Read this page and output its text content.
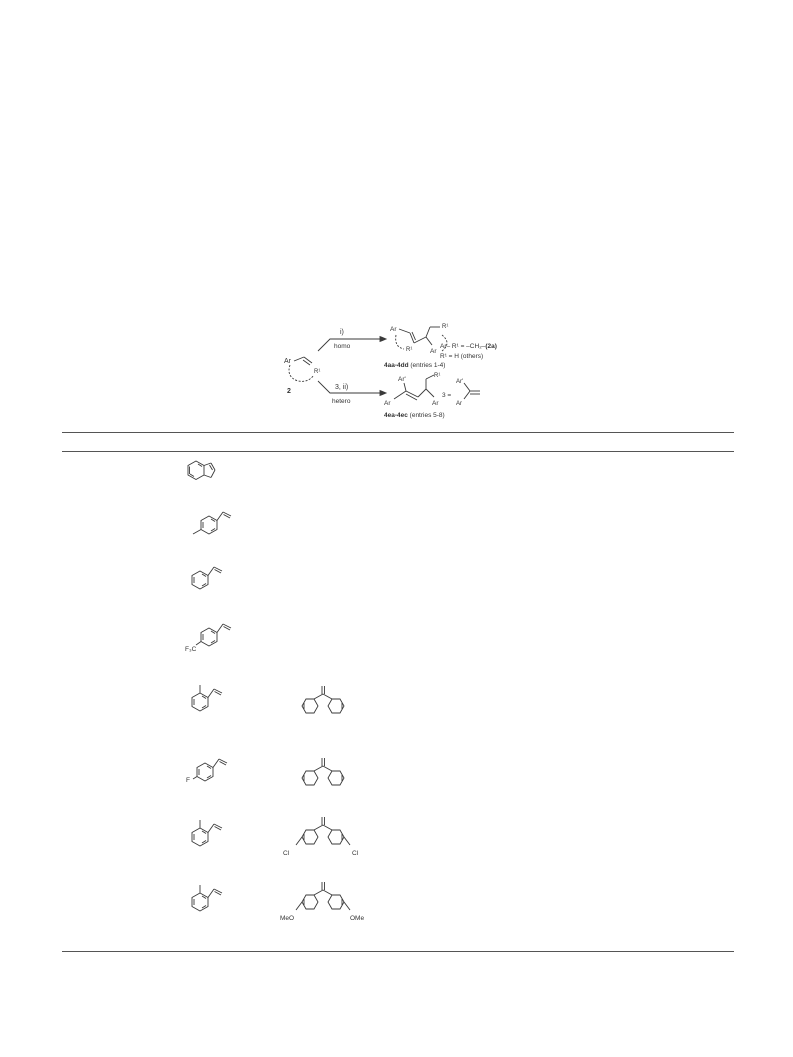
Ar
R¹
2
i)
homo
3, ii)
hetero
Ar	R¹
Ar
R¹
4aa-4dd (entries 1-4)
Ar'
Ar
R¹
Ar
4ea-4ec (entries 5-8)
Ar– R¹ = –CH₂–(2a)
R¹ = H (others)
3 =
Ar'
Ar
F₃C
F
Cl	Cl
MeO	OMe
